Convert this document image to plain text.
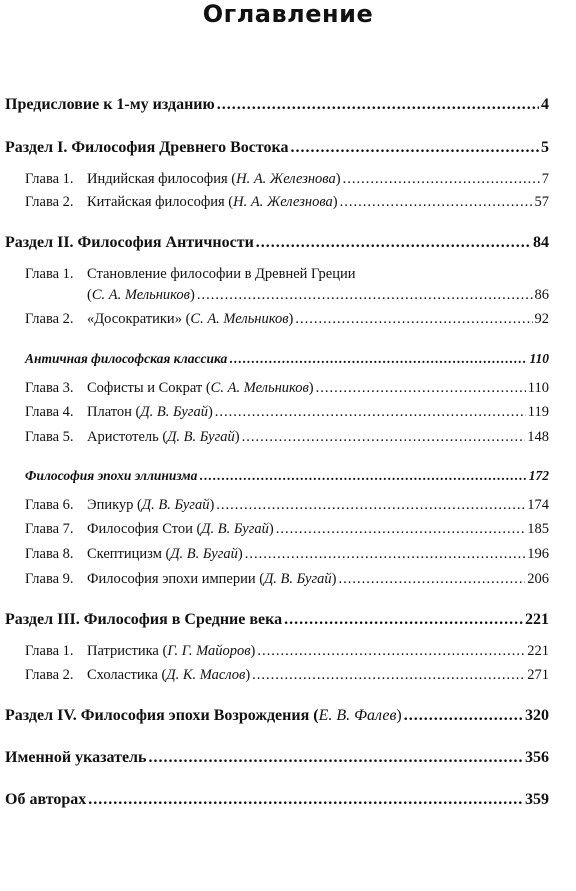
Оглавление
Предисловие к 1-му изданию .....	4
Раздел I. Философия Древнего Востока .....	5
Глава 1. Индийская философия (Н. А. Железнова) .....	7
Глава 2. Китайская философия (Н. А. Железнова) .....	57
Раздел II. Философия Античности .....	84
Глава 1. Становление философии в Древней Греции
(С. А. Мельников) .....	86
Глава 2. «Досократики» (С. А. Мельников) .....	92
Античная философская классика .....	110
Глава 3. Софисты и Сократ (С. А. Мельников) .....	110
Глава 4. Платон (Д. В. Бугай) .....	119
Глава 5. Аристотель (Д. В. Бугай) .....	148
Философия эпохи эллинизма .....	172
Глава 6. Эпикур (Д. В. Бугай) .....	174
Глава 7. Философия Стои (Д. В. Бугай) .....	185
Глава 8. Скептицизм (Д. В. Бугай) .....	196
Глава 9. Философия эпохи империи (Д. В. Бугай) .....	206
Раздел III. Философия в Средние века .....	221
Глава 1. Патристика (Г. Г. Майоров) .....	221
Глава 2. Схоластика (Д. К. Маслов) .....	271
Раздел IV. Философия эпохи Возрождения (Е. В. Фалев) .....	320
Именной указатель .....	356
Об авторах .....	359
